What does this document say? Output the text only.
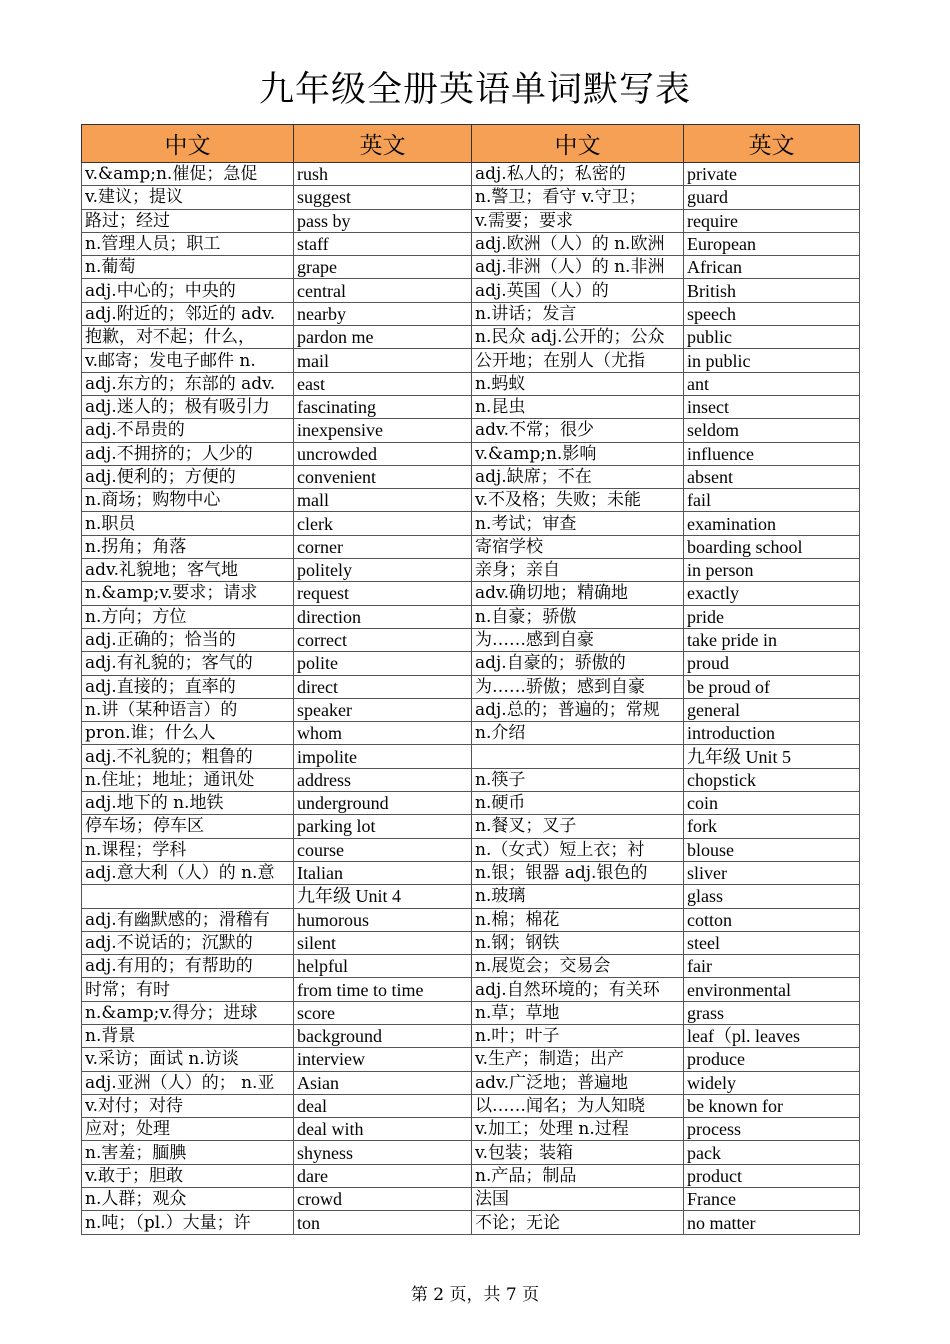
九年级全册英语单词默写表
中文	英文	中文	英文
v.&amp;n.催促；急促	rush	adj.私人的；私密的	private
v.建议；提议	suggest	n.警卫；看守 v.守卫；	guard
路过；经过	pass by	v.需要；要求	require
n.管理人员；职工	staff	adj.欧洲（人）的 n.欧洲	European
n.葡萄	grape	adj.非洲（人）的 n.非洲	African
adj.中心的；中央的	central	adj.英国（人）的	British
adj.附近的；邻近的 adv.	nearby	n.讲话；发言	speech
抱歉，对不起；什么，	pardon me	n.民众 adj.公开的；公众	public
v.邮寄；发电子邮件 n.	mail	公开地；在别人（尤指	in public
adj.东方的；东部的 adv.	east	n.蚂蚁	ant
adj.迷人的；极有吸引力	fascinating	n.昆虫	insect
adj.不昂贵的	inexpensive	adv.不常；很少	seldom
adj.不拥挤的；人少的	uncrowded	v.&amp;n.影响	influence
adj.便利的；方便的	convenient	adj.缺席；不在	absent
n.商场；购物中心	mall	v.不及格；失败；未能	fail
n.职员	clerk	n.考试；审查	examination
n.拐角；角落	corner	寄宿学校	boarding school
adv.礼貌地；客气地	politely	亲身；亲自	in person
n.&amp;v.要求；请求	request	adv.确切地；精确地	exactly
n.方向；方位	direction	n.自豪；骄傲	pride
adj.正确的；恰当的	correct	为……感到自豪	take pride in
adj.有礼貌的；客气的	polite	adj.自豪的；骄傲的	proud
adj.直接的；直率的	direct	为……骄傲；感到自豪	be proud of
n.讲（某种语言）的	speaker	adj.总的；普遍的；常规	general
pron.谁；什么人	whom	n.介绍	introduction
adj.不礼貌的；粗鲁的	impolite		九年级 Unit 5
n.住址；地址；通讯处	address	n.筷子	chopstick
adj.地下的 n.地铁	underground	n.硬币	coin
停车场；停车区	parking lot	n.餐叉；叉子	fork
n.课程；学科	course	n.（女式）短上衣；衬	blouse
adj.意大利（人）的 n.意	Italian	n.银；银器 adj.银色的	sliver
	九年级 Unit 4	n.玻璃	glass
adj.有幽默感的；滑稽有	humorous	n.棉；棉花	cotton
adj.不说话的；沉默的	silent	n.钢；钢铁	steel
adj.有用的；有帮助的	helpful	n.展览会；交易会	fair
时常；有时	from time to time	adj.自然环境的；有关环	environmental
n.&amp;v.得分；进球	score	n.草；草地	grass
n.背景	background	n.叶；叶子	leaf（pl. leaves
v.采访；面试 n.访谈	interview	v.生产；制造；出产	produce
adj.亚洲（人）的； n.亚	Asian	adv.广泛地；普遍地	widely
v.对付；对待	deal	以……闻名；为人知晓	be known for
应对；处理	deal with	v.加工；处理 n.过程	process
n.害羞；腼腆	shyness	v.包装；装箱	pack
v.敢于；胆敢	dare	n.产品；制品	product
n.人群；观众	crowd	法国	France
n.吨；（pl.）大量；许	ton	不论；无论	no matter
第 2 页，共 7 页
